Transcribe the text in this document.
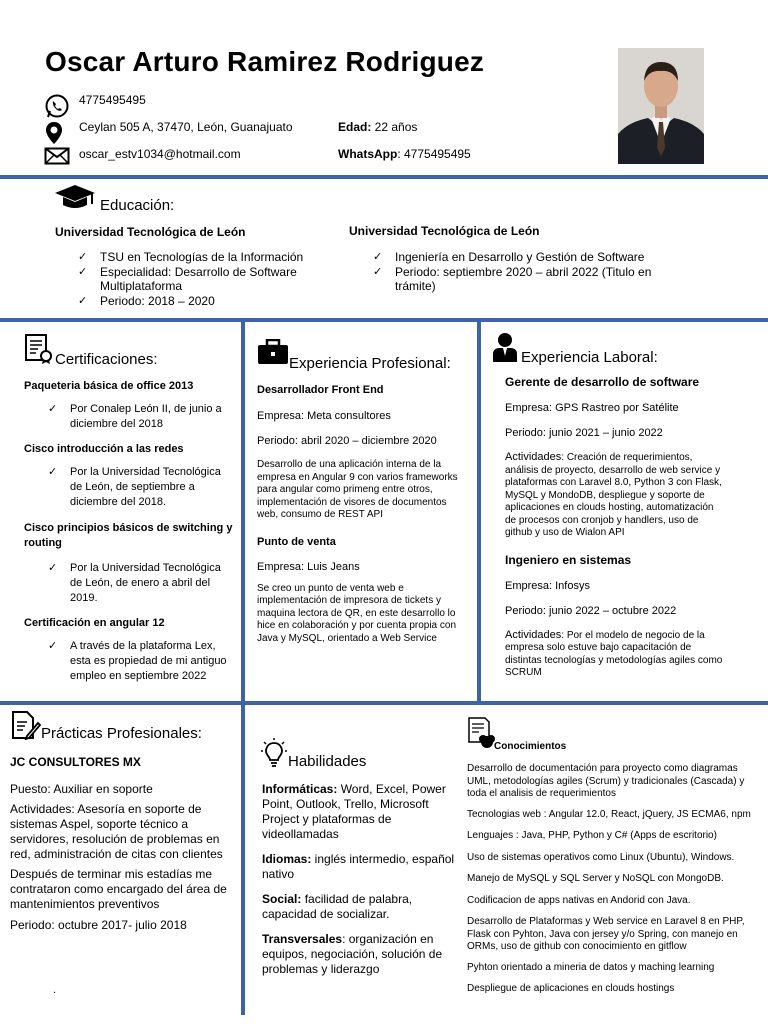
Oscar Arturo Ramirez Rodriguez
4775495495
Ceylan 505 A, 37470, León, Guanajuato
oscar_estv1034@hotmail.com
Edad: 22 años
WhatsApp: 4775495495
Educación:
Universidad Tecnológica de León
✓ TSU en Tecnologías de la Información
✓ Especialidad: Desarrollo de Software Multiplataforma
✓ Periodo: 2018 – 2020
Universidad Tecnológica de León
✓ Ingeniería en Desarrollo y Gestión de Software
✓ Periodo: septiembre 2020 – abril 2022 (Titulo en trámite)
Certificaciones:
Paqueteria básica de office 2013
✓ Por Conalep León II, de junio a diciembre del 2018
Cisco introducción a las redes
✓ Por la Universidad Tecnológica de León, de septiembre a diciembre del 2018.
Cisco principios básicos de switching y routing
✓ Por la Universidad Tecnológica de León, de enero a abril del 2019.
Certificación en angular 12
✓ A través de la plataforma Lex, esta es propiedad de mi antiguo empleo en septiembre 2022
Experiencia Profesional:
Desarrollador Front End
Empresa: Meta consultores
Periodo: abril 2020 – diciembre 2020
Desarrollo de una aplicación interna de la empresa en Angular 9 con varios frameworks para angular como primeng entre otros, implementación de visores de documentos web, consumo de REST API
Punto de venta
Empresa: Luis Jeans
Se creo un punto de venta web e implementación de impresora de tickets y maquina lectora de QR, en este desarrollo lo hice en colaboración y por cuenta propia con Java y MySQL, orientado a Web Service
Experiencia Laboral:
Gerente de desarrollo de software
Empresa: GPS Rastreo por Satélite
Periodo: junio 2021 – junio 2022
Actividades: Creación de requerimientos, análisis de proyecto, desarrollo de web service y plataformas con Laravel 8.0, Python 3 con Flask, MySQL y MondoDB, despliegue y soporte de aplicaciones en clouds hosting, automatización de procesos con cronjob y handlers, uso de github y uso de Wialon API
Ingeniero en sistemas
Empresa: Infosys
Periodo: junio 2022 – octubre 2022
Actividades: Por el modelo de negocio de la empresa solo estuve bajo capacitación de distintas tecnologías y metodologías agiles como SCRUM
Prácticas Profesionales:
JC CONSULTORES MX
Puesto: Auxiliar en soporte
Actividades: Asesoría en soporte de sistemas Aspel, soporte técnico a servidores, resolución de problemas en red, administración de citas con clientes
Después de terminar mis estadías me contrataron como encargado del área de mantenimientos preventivos
Periodo: octubre 2017- julio 2018
.
Habilidades
Informáticas: Word, Excel, Power Point, Outlook, Trello, Microsoft Project y plataformas de videollamadas
Idiomas: inglés intermedio, español nativo
Social: facilidad de palabra, capacidad de socializar.
Transversales: organización en equipos, negociación, solución de problemas y liderazgo
Conocimientos
Desarrollo de documentación para proyecto como diagramas UML, metodologías agiles (Scrum) y tradicionales (Cascada) y toda el analisis de requerimientos
Tecnologias web : Angular 12.0, React, jQuery, JS ECMA6, npm
Lenguajes : Java, PHP, Python y C# (Apps de escritorio)
Uso de sistemas operativos como Linux (Ubuntu), Windows.
Manejo de MySQL y SQL Server y NoSQL con MongoDB.
Codificacion de apps nativas en Andorid con Java.
Desarrollo de Plataformas y Web service en Laravel 8 en PHP, Flask con Pyhton, Java con jersey y/o Spring, con manejo en ORMs, uso de github con conocimiento en gitflow
Pyhton orientado a mineria de datos y maching learning
Despliegue de aplicaciones en clouds hostings
